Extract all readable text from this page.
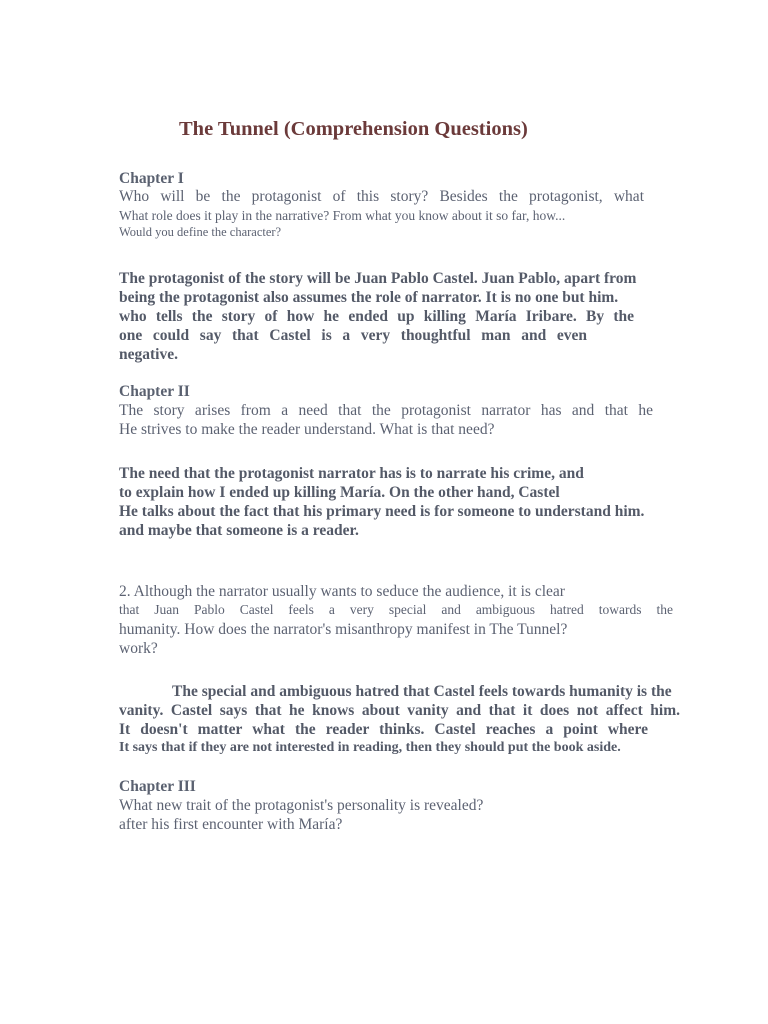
The Tunnel (Comprehension Questions)
Chapter I
Who will be the protagonist of this story? Besides the protagonist, what
What role does it play in the narrative? From what you know about it so far, how...
Would you define the character?
The protagonist of the story will be Juan Pablo Castel. Juan Pablo, apart from
being the protagonist also assumes the role of narrator. It is no one but him.
who tells the story of how he ended up killing María Iribare. By the
one could say that Castel is a very thoughtful man and even
negative.
Chapter II
The story arises from a need that the protagonist narrator has and that he
He strives to make the reader understand. What is that need?
The need that the protagonist narrator has is to narrate his crime, and
to explain how I ended up killing María. On the other hand, Castel
He talks about the fact that his primary need is for someone to understand him.
and maybe that someone is a reader.
2. Although the narrator usually wants to seduce the audience, it is clear
that Juan Pablo Castel feels a very special and ambiguous hatred towards the
humanity. How does the narrator's misanthropy manifest in The Tunnel?
work?
The special and ambiguous hatred that Castel feels towards humanity is the
vanity. Castel says that he knows about vanity and that it does not affect him.
It doesn't matter what the reader thinks. Castel reaches a point where
It says that if they are not interested in reading, then they should put the book aside.
Chapter III
What new trait of the protagonist's personality is revealed?
after his first encounter with María?
